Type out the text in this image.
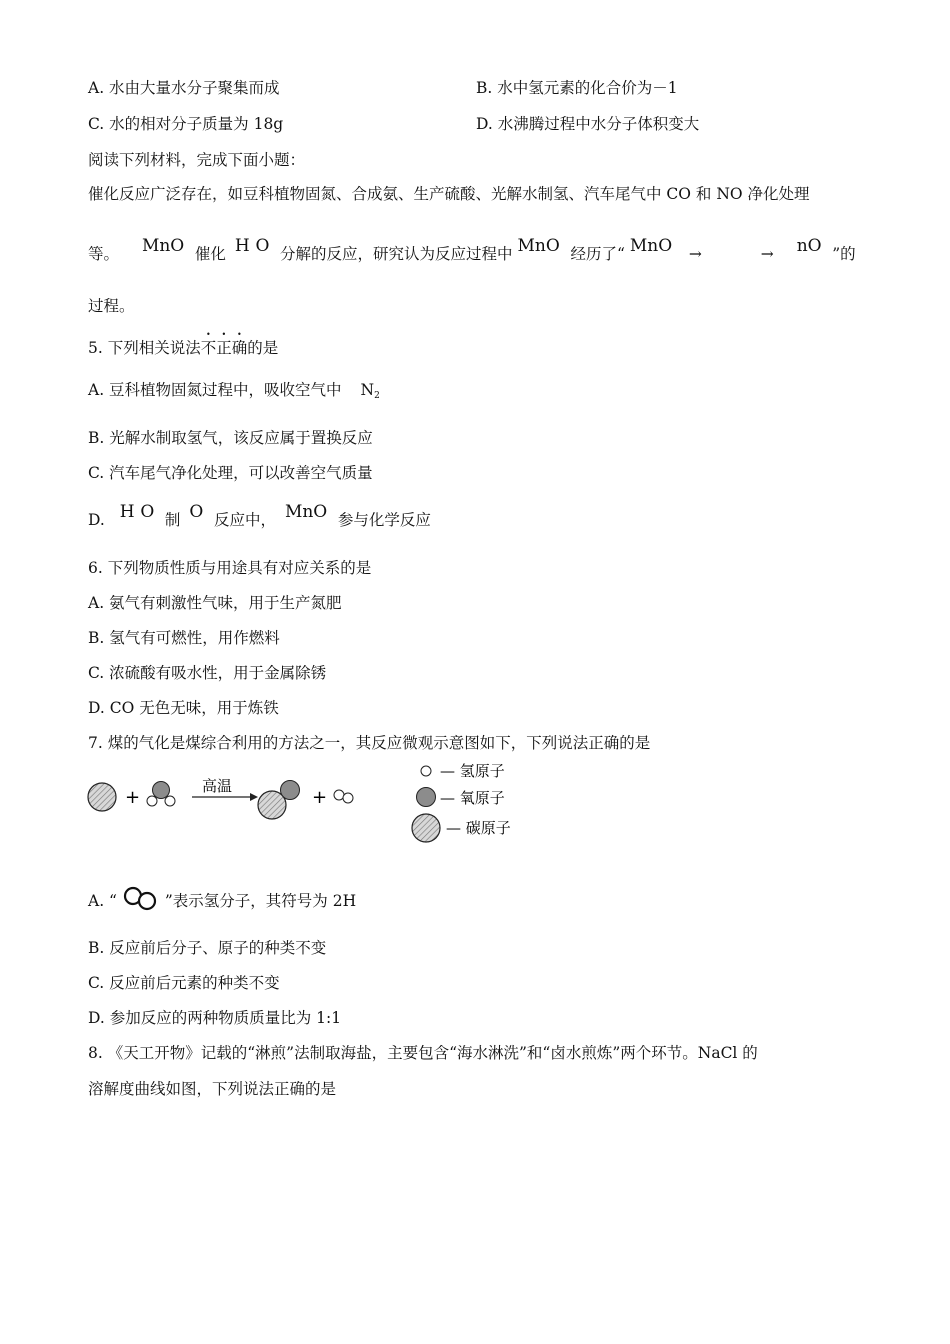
A. 水由大量水分子聚集而成	B. 水中氢元素的化合价为－1
C. 水的相对分子质量为 18g	D. 水沸腾过程中水分子体积变大
阅读下列材料，完成下面小题：
催化反应广泛存在，如豆科植物固氮、合成氨、生产硫酸、光解水制氢、汽车尾气中 CO 和 NO 净化处理
等。 MnO$_2$ 催化 $H_2O_2$ 分解的反应，研究认为反应过程中 MnO$_2$ 经历了“ MnO$_2$ →	→ $nO_2$ ”的
过程。
5. 下列相关说法不正确的是
A. 豆科植物固氮过程中，吸收空气中 $N_2$
B. 光解水制取氢气，该反应属于置换反应
C. 汽车尾气净化处理，可以改善空气质量
D. $H_2O_2$ 制 $O_2$ 反应中， MnO$_2$ 参与化学反应
6. 下列物质性质与用途具有对应关系的是
A. 氨气有刺激性气味，用于生产氮肥
B. 氢气有可燃性，用作燃料
C. 浓硫酸有吸水性，用于金属除锈
D. CO 无色无味，用于炼铁
7. 煤的气化是煤综合利用的方法之一，其反应微观示意图如下，下列说法正确的是
+
高温
+
— 氢原子
— 氧原子
— 碳原子
A. “	”表示氢分子，其符号为 2H
B. 反应前后分子、原子的种类不变
C. 反应前后元素的种类不变
D. 参加反应的两种物质质量比为 1:1
8. 《天工开物》记载的“淋煎”法制取海盐，主要包含“海水淋洗”和“卤水煎炼”两个环节。NaCl 的
溶解度曲线如图，下列说法正确的是
